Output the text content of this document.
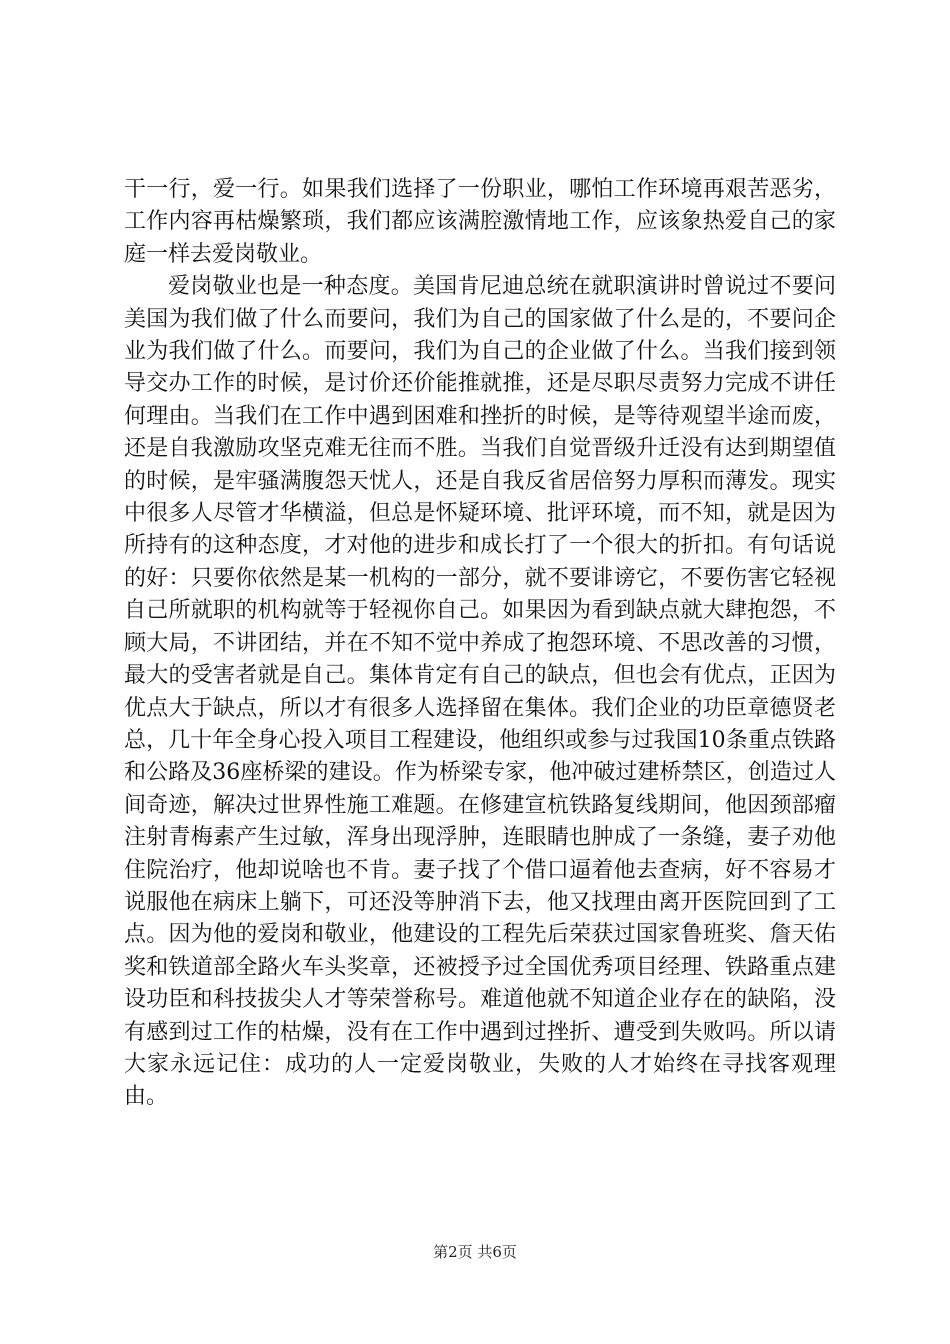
干一行，爱一行。如果我们选择了一份职业，哪怕工作环境再艰苦恶劣，工作内容再枯燥繁琐，我们都应该满腔激情地工作，应该象热爱自己的家庭一样去爱岗敬业。

爱岗敬业也是一种态度。美国肯尼迪总统在就职演讲时曾说过不要问美国为我们做了什么而要问，我们为自己的国家做了什么是的，不要问企业为我们做了什么。而要问，我们为自己的企业做了什么。当我们接到领导交办工作的时候，是讨价还价能推就推，还是尽职尽责努力完成不讲任何理由。当我们在工作中遇到困难和挫折的时候，是等待观望半途而废，还是自我激励攻坚克难无往而不胜。当我们自觉晋级升迁没有达到期望值的时候，是牢骚满腹怨天忧人，还是自我反省居倍努力厚积而薄发。现实中很多人尽管才华横溢，但总是怀疑环境、批评环境，而不知，就是因为所持有的这种态度，才对他的进步和成长打了一个很大的折扣。有句话说的好：只要你依然是某一机构的一部分，就不要诽谤它，不要伤害它轻视自己所就职的机构就等于轻视你自己。如果因为看到缺点就大肆抱怨，不顾大局，不讲团结，并在不知不觉中养成了抱怨环境、不思改善的习惯，最大的受害者就是自己。集体肯定有自己的缺点，但也会有优点，正因为优点大于缺点，所以才有很多人选择留在集体。我们企业的功臣章德贤老总，几十年全身心投入项目工程建设，他组织或参与过我国10条重点铁路和公路及36座桥梁的建设。作为桥梁专家，他冲破过建桥禁区，创造过人间奇迹，解决过世界性施工难题。在修建宣杭铁路复线期间，他因颈部瘤注射青梅素产生过敏，浑身出现浮肿，连眼睛也肿成了一条缝，妻子劝他住院治疗，他却说啥也不肯。妻子找了个借口逼着他去查病，好不容易才说服他在病床上躺下，可还没等肿消下去，他又找理由离开医院回到了工点。因为他的爱岗和敬业，他建设的工程先后荣获过国家鲁班奖、詹天佑奖和铁道部全路火车头奖章，还被授予过全国优秀项目经理、铁路重点建设功臣和科技拔尖人才等荣誉称号。难道他就不知道企业存在的缺陷，没有感到过工作的枯燥，没有在工作中遇到过挫折、遭受到失败吗。所以请大家永远记住：成功的人一定爱岗敬业，失败的人才始终在寻找客观理由。

第2页 共6页
